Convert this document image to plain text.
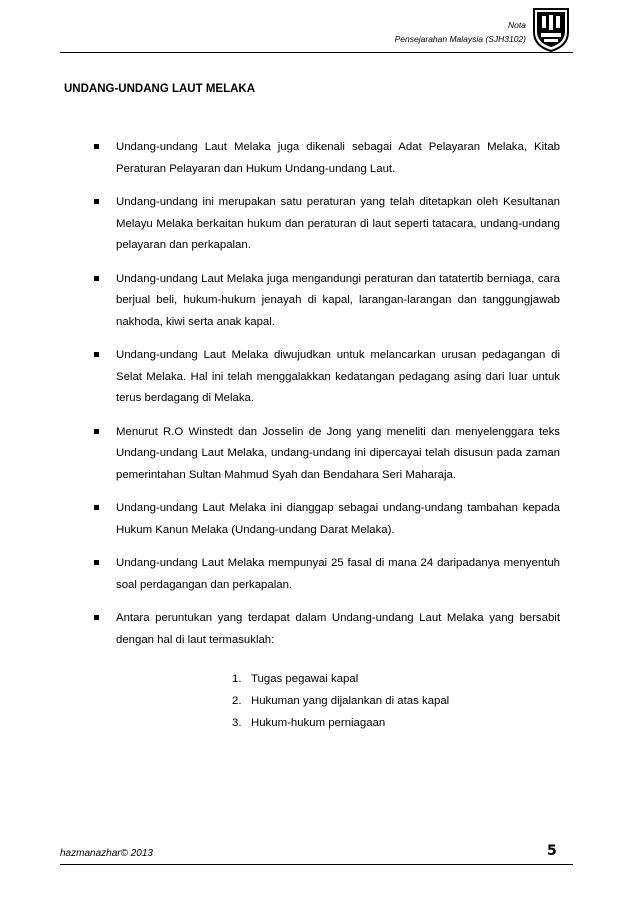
Nota
Pensejarahan Malaysia (SJH3102)
UNDANG-UNDANG LAUT MELAKA
Undang-undang Laut Melaka juga dikenali sebagai Adat Pelayaran Melaka, Kitab Peraturan Pelayaran dan Hukum Undang-undang Laut.
Undang-undang ini merupakan satu peraturan yang telah ditetapkan oleh Kesultanan Melayu Melaka berkaitan hukum dan peraturan di laut seperti tatacara, undang-undang pelayaran dan perkapalan.
Undang-undang Laut Melaka juga mengandungi peraturan dan tatatertib berniaga, cara berjual beli, hukum-hukum jenayah di kapal, larangan-larangan dan tanggungjawab nakhoda, kiwi serta anak kapal.
Undang-undang Laut Melaka diwujudkan untuk melancarkan urusan pedagangan di Selat Melaka. Hal ini telah menggalakkan kedatangan pedagang asing dari luar untuk terus berdagang di Melaka.
Menurut R.O Winstedt dan Josselin de Jong yang meneliti dan menyelenggara teks Undang-undang Laut Melaka, undang-undang ini dipercayai telah disusun pada zaman pemerintahan Sultan Mahmud Syah dan Bendahara Seri Maharaja.
Undang-undang Laut Melaka ini dianggap sebagai undang-undang tambahan kepada Hukum Kanun Melaka (Undang-undang Darat Melaka).
Undang-undang Laut Melaka mempunyai 25 fasal di mana 24 daripadanya menyentuh soal perdagangan dan perkapalan.
Antara peruntukan yang terdapat dalam Undang-undang Laut Melaka yang bersabit dengan hal di laut termasuklah:
1. Tugas pegawai kapal
2. Hukuman yang dijalankan di atas kapal
3. Hukum-hukum perniagaan
hazmanazhar© 2013	5
